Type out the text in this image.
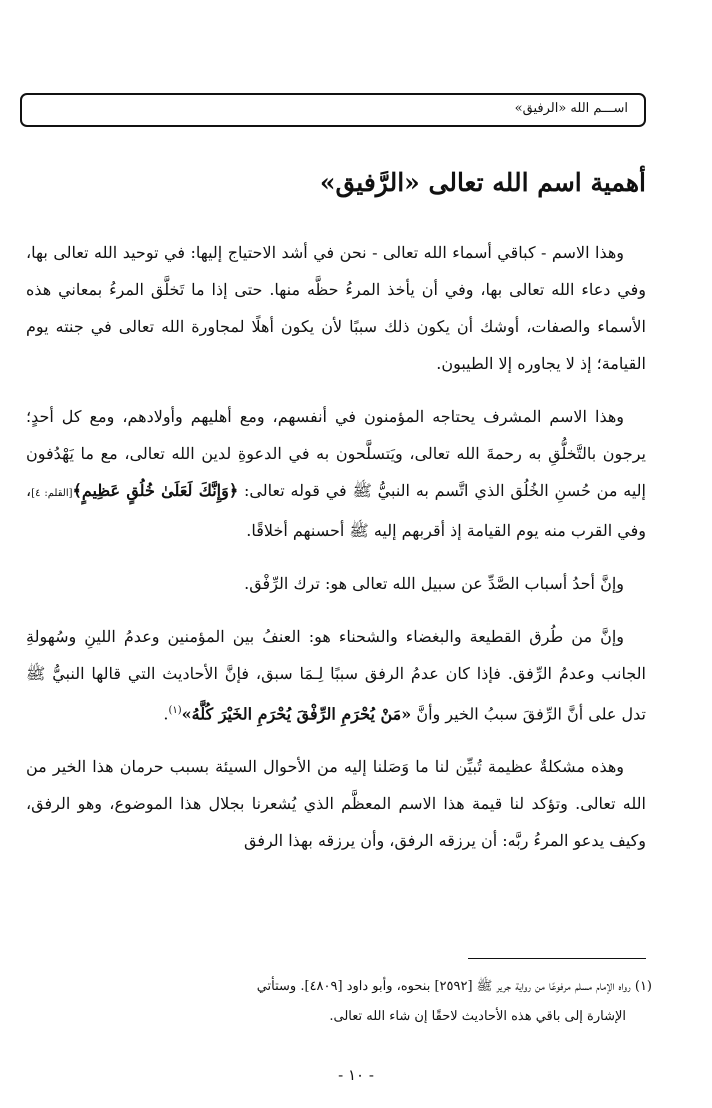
اســـم الله «الرفيق»
أهمية اسم الله تعالى «الرَّفيق»

وهذا الاسم - كباقي أسماء الله تعالى - نحن في أشد الاحتياج إليها: في توحيد الله تعالى بها، وفي دعاء الله تعالى بها، وفي أن يأخذ المرءُ حظَّه منها. حتى إذا ما تَخلَّق المرءُ بمعاني هذه الأسماء والصفات، أوشك أن يكون ذلك سببًا لأن يكون أهلًا لمجاورة الله تعالى في جنته يوم القيامة؛ إذ لا يجاوره إلا الطيبون.

وهذا الاسم المشرف يحتاجه المؤمنون في أنفسهم، ومع أهليهم وأولادهم، ومع كل أحدٍ؛ يرجون بالتَّخلُّقِ به رحمةَ الله تعالى، ويَتسلَّحون به في الدعوةِ لدين الله تعالى، مع ما يَهْدُفون إليه من حُسنِ الخُلُق الذي اتَّسم به النبيُّ ﷺ في قوله تعالى: ﴿وَإِنَّكَ لَعَلَىٰ خُلُقٍ عَظِيمٍ﴾[القلم: ٤]، وفي القرب منه يوم القيامة إذ أقربهم إليه ﷺ أحسنهم أخلاقًا.

وإنَّ أحدُ أسباب الصَّدِّ عن سبيل الله تعالى هو: ترك الرِّفْق.

وإنَّ من طُرق القطيعة والبغضاء والشحناء هو: العنفُ بين المؤمنين وعدمُ اللينِ وسُهولةِ الجانب وعدمُ الرِّفق. فإذا كان عدمُ الرفق سببًا لِـمَا سبق، فإنَّ الأحاديث التي قالها النبيُّ ﷺ تدل على أنَّ الرِّفقَ سببُ الخير وأنَّ «مَنْ يُحْرَمِ الرِّفْقَ يُحْرَمِ الخَيْرَ كُلَّهُ»$^{(١)}$.

وهذه مشكلةٌ عظيمة تُبيِّن لنا ما وَصَلنا إليه من الأحوال السيئة بسبب حرمان هذا الخير من الله تعالى. وتؤكد لنا قيمة هذا الاسم المعظَّم الذي يُشعرنا بجلال هذا الموضوع، وهو الرفق، وكيف يدعو المرءُ ربَّه: أن يرزقه الرفق، وأن يرزقه بهذا الرفق

(١) رواه الإمام مسلم مرفوعًا من رواية جرير ﷺ [٢٥٩٢] بنحوه، وأبو داود [٤٨٠٩]. وستأتي

الإشارة إلى باقي هذه الأحاديث لاحقًا إن شاء الله تعالى.

- ١٠ -
